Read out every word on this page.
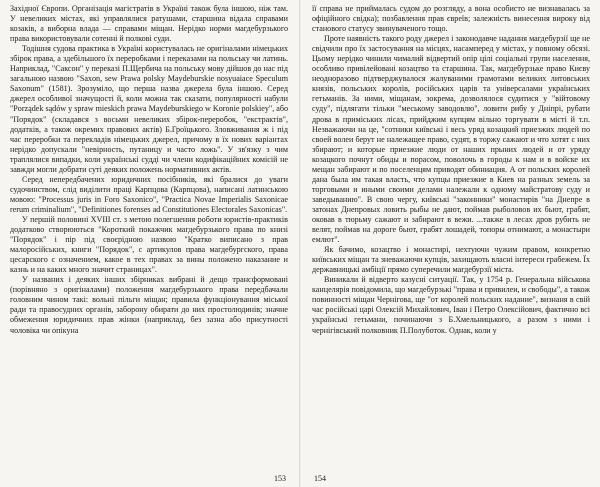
Західної Європи. Організація магістратів в Україні також була іншою, ніж там. У невеликих містах, які управлялися ратушами, старшина відала справами козаків, а виборна влада — справами міщан. Нерідко норми магдебурзького права використовували сотенні й полкові суди.

Тодішня судова практика в Україні користувалась не оригіналами німецьких збірок права, а здебільшого їх переробками і переказами на польську чи латинь. Наприклад, "Саксон" у переказі П.Щербича на польську мову дійшов до нас під загальною назвою "Saxon, sew Prawa polsky Maydeburskie nosyuaiace Speculum Saxonum" (1581). Зрозуміло, що перша назва джерела була іншою. Серед джерел особливої значущості й, коли можна так сказати, популярності набули "Porządek sądów y spraw mieskich prawa Maydeburskiego w Koronie polskiey", або "Порядок" (складався з восьми невеликих збірок-переробок, "екстрактів", додатків, а також окремих правових актів) Б.Гроїцького. Зловживання ж і під час переробки та перекладів німецьких джерел, причому в їх нових варіантах нерідко допускали "невірность, путаницу и часто ложь". У зв'язку з чим траплялися випадки, коли українські судді чи члени кодифікаційних комісій не завжди могли добрати суті деяких положень нормативних актів.

Серед непередбачених юридичних посібників, які бралися до уваги судочинством, слід виділити праці Карпцова (Карпцова), написані латинською мовою: "Processus juris in Foro Saxonico", "Practica Novae Imperialis Saxonicae rerum criminalium", "Definitiones forenses ad Constitutiones Electorales Saxonicas".

У першій половині XVIII ст. з метою полегшення роботи юристів-практиків додатково створюються "Короткий покажчик магдебурзького права по книзі "Порядок" і пір під своєрідною назвою "Кратко виписано з прав малоросійських, книги "Порядок", с артикулов права магдебургского, права цесарского с означением, какое в тех правах за вины положено наказание и казнь и на каких много значит страницах".

У названих і деяких інших збірниках вибрані й дещо трансформовані (порівняно з оригіналами) положення магдебурзького права передбачали головним чином такі: вольні пільги міщан; правила функціонування міської ради та правосудних органів, заборону обирати до них простолюдинів; значне обмеження юридичних прав жінки (наприклад, без зазна або присутності чоловіка чи опікуна

153

її справа не приймалась судом до розгляду, а вона особисто не визнавалась за офіційного свідка); позбавлення прав євреїв; залежність винесення вироку від станового статусу звинуваченого тощо.

Проте наявність такого роду джерел і законодавче надання магдебурзії ще не свідчили про їх застосування на місцях, насамперед у містах, у повному обсязі. Цьому нерідко чинили чималий відвертий опір цілі соціальні групи населення, особливо привілейовані козацтво та старшина. Так, магдебурзьке право Києву неодноразово підтверджувалося жалуваними грамотами великих литовських князів, польських королів, російських царів та універсалами українських гетьманів. За ними, міщанам, зокрема, дозволялося судитися у "війтовому суду", підлягати тільки "меському заводовлю", ловити рибу у Дніпрі, рубати дрова в приміських лісах, прийджим купцям вільно торгувати в місті й т.п. Незважаючи на це, "сотники київські і весь уряд козацкий приезжих людей по своей волеи берут не належащее право, судят, в торжу сажают и что хотят с них збирают; и которые приезжие люди от наших прыних людей и от уряду козацкого почнут обиды и порасом, поволочь в городы к нам и в войске их мещан забирают и по поселенцям приводят обиниация. А от польских королей дана была им такая власть, что купцы приезжие в Киев на разных земель за торговыми и иными своими делами належали к одному майстратову суду и заведыванию". В свою чергу, київські "законники" монастирів "на Днепре в затонах Днепровых ловить рыбы не дают, поймав рыболовов их бьют, грабят, оковав в тюрьму сажают и забирают в вежи. ...также в лесах дров рубить не велят, поймав на дороге бьют, грабят лошадей, топоры отнимают, а монастыри емлют".

Як бачимо, козацтво і монастирі, нехтуючи чужим правом, конкретно київських міщан та зневажаючи купців, захищають власні інтереси грабежем. Їх державницькі амбіції прямо суперечили магдебурзії міста.

Виникали й відверто казусні ситуації. Так, у 1754 р. Генеральна військова канцелярія повідомила, що магдебурзькі "права и привилеи, и свободы", а також повинності міщан Чернігова, ще "от королей польских надание", визнаня в свій час російські царі Олексій Михайлович, Іван і Петро Олексійович, фактично всі українські гетьмани, починаючи з Б.Хмельницького, а разом з ними і чернігівський полковник П.Полуботок. Однак, коли у

154
